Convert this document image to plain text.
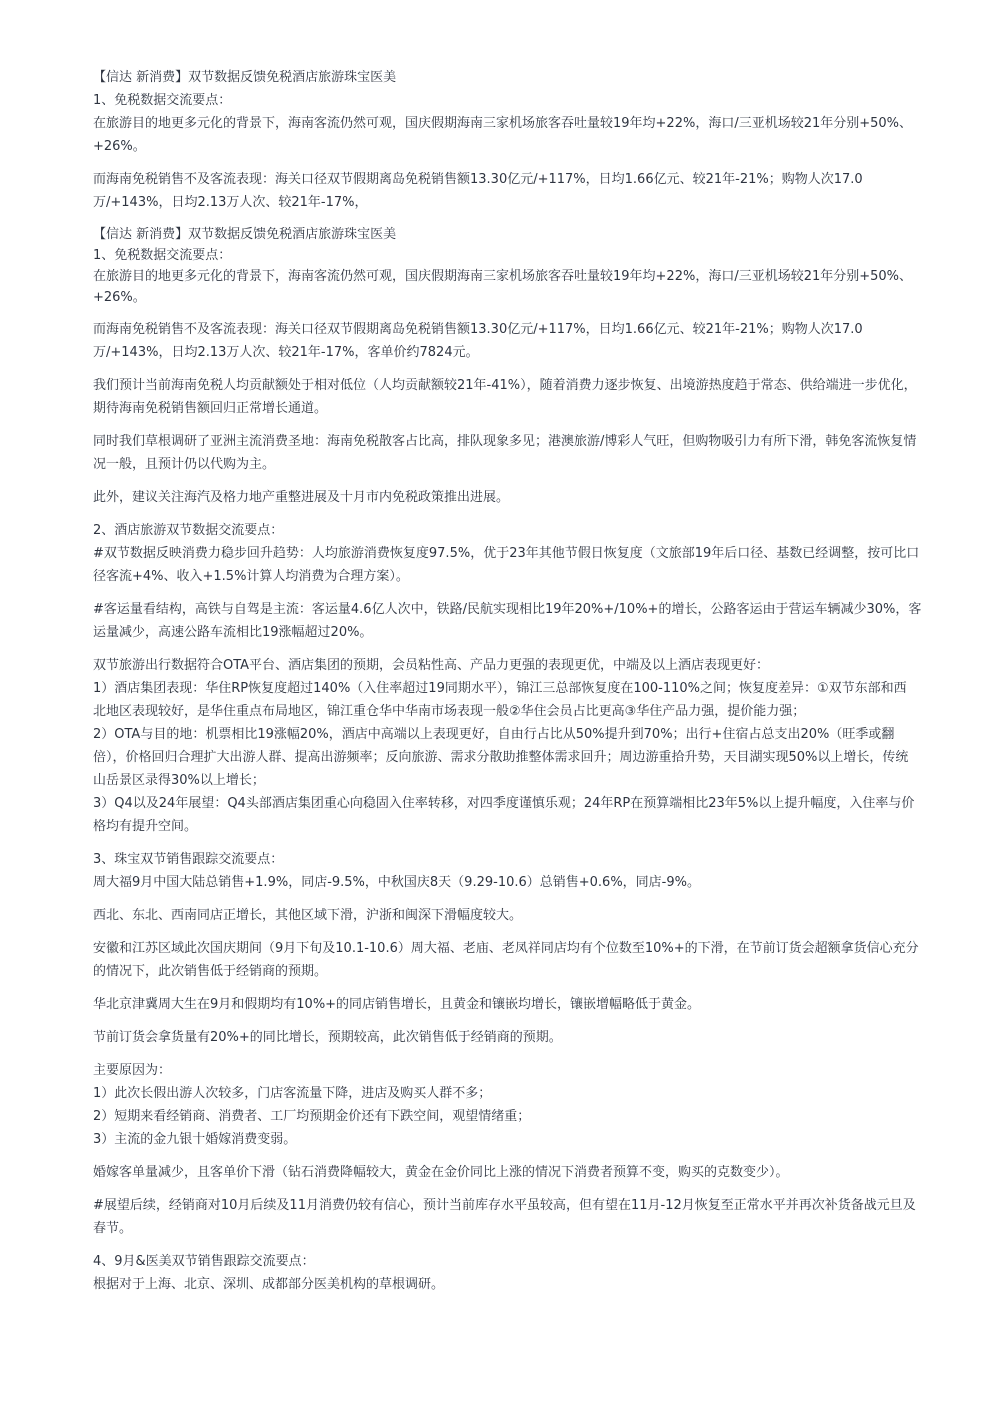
【信达 新消费】双节数据反馈免税酒店旅游珠宝医美
1、免税数据交流要点：
在旅游目的地更多元化的背景下，海南客流仍然可观，国庆假期海南三家机场旅客吞吐量较19年均+22%，海口/三亚机场较21年分别+50%、
+26%。
而海南免税销售不及客流表现：海关口径双节假期离岛免税销售额13.30亿元/+117%，日均1.66亿元、较21年-21%；购物人次17.0
万/+143%，日均2.13万人次、较21年-17%，
【信达 新消费】双节数据反馈免税酒店旅游珠宝医美
1、免税数据交流要点：
在旅游目的地更多元化的背景下，海南客流仍然可观，国庆假期海南三家机场旅客吞吐量较19年均+22%，海口/三亚机场较21年分别+50%、
+26%。
而海南免税销售不及客流表现：海关口径双节假期离岛免税销售额13.30亿元/+117%，日均1.66亿元、较21年-21%；购物人次17.0
万/+143%，日均2.13万人次、较21年-17%，客单价约7824元。
我们预计当前海南免税人均贡献额处于相对低位（人均贡献额较21年-41%），随着消费力逐步恢复、出境游热度趋于常态、供给端进一步优化，
期待海南免税销售额回归正常增长通道。
同时我们草根调研了亚洲主流消费圣地：海南免税散客占比高，排队现象多见；港澳旅游/博彩人气旺，但购物吸引力有所下滑，韩免客流恢复情
况一般，且预计仍以代购为主。
此外，建议关注海汽及格力地产重整进展及十月市内免税政策推出进展。
2、酒店旅游双节数据交流要点：
#双节数据反映消费力稳步回升趋势：人均旅游消费恢复度97.5%，优于23年其他节假日恢复度（文旅部19年后口径、基数已经调整，按可比口
径客流+4%、收入+1.5%计算人均消费为合理方案）。
#客运量看结构，高铁与自驾是主流：客运量4.6亿人次中，铁路/民航实现相比19年20%+/10%+的增长，公路客运由于营运车辆减少30%，客
运量减少，高速公路车流相比19涨幅超过20%。
双节旅游出行数据符合OTA平台、酒店集团的预期，会员粘性高、产品力更强的表现更优，中端及以上酒店表现更好：
1）酒店集团表现：华住RP恢复度超过140%（入住率超过19同期水平），锦江三总部恢复度在100-110%之间；恢复度差异：①双节东部和西
北地区表现较好，是华住重点布局地区，锦江重仓华中华南市场表现一般②华住会员占比更高③华住产品力强，提价能力强；
2）OTA与目的地：机票相比19涨幅20%，酒店中高端以上表现更好，自由行占比从50%提升到70%；出行+住宿占总支出20%（旺季或翻
倍），价格回归合理扩大出游人群、提高出游频率；反向旅游、需求分散助推整体需求回升；周边游重拾升势，天目湖实现50%以上增长，传统
山岳景区录得30%以上增长；
3）Q4以及24年展望：Q4头部酒店集团重心向稳固入住率转移，对四季度谨慎乐观；24年RP在预算端相比23年5%以上提升幅度，入住率与价
格均有提升空间。
3、珠宝双节销售跟踪交流要点：
周大福9月中国大陆总销售+1.9%，同店-9.5%，中秋国庆8天（9.29-10.6）总销售+0.6%，同店-9%。
西北、东北、西南同店正增长，其他区域下滑，沪浙和闽深下滑幅度较大。
安徽和江苏区域此次国庆期间（9月下旬及10.1-10.6）周大福、老庙、老凤祥同店均有个位数至10%+的下滑，在节前订货会超额拿货信心充分
的情况下，此次销售低于经销商的预期。
华北京津冀周大生在9月和假期均有10%+的同店销售增长，且黄金和镶嵌均增长，镶嵌增幅略低于黄金。
节前订货会拿货量有20%+的同比增长，预期较高，此次销售低于经销商的预期。
主要原因为：
1）此次长假出游人次较多，门店客流量下降，进店及购买人群不多；
2）短期来看经销商、消费者、工厂均预期金价还有下跌空间，观望情绪重；
3）主流的金九银十婚嫁消费变弱。
婚嫁客单量减少，且客单价下滑（钻石消费降幅较大，黄金在金价同比上涨的情况下消费者预算不变，购买的克数变少）。
#展望后续，经销商对10月后续及11月消费仍较有信心，预计当前库存水平虽较高，但有望在11月-12月恢复至正常水平并再次补货备战元旦及
春节。
4、9月&医美双节销售跟踪交流要点：
根据对于上海、北京、深圳、成都部分医美机构的草根调研。
